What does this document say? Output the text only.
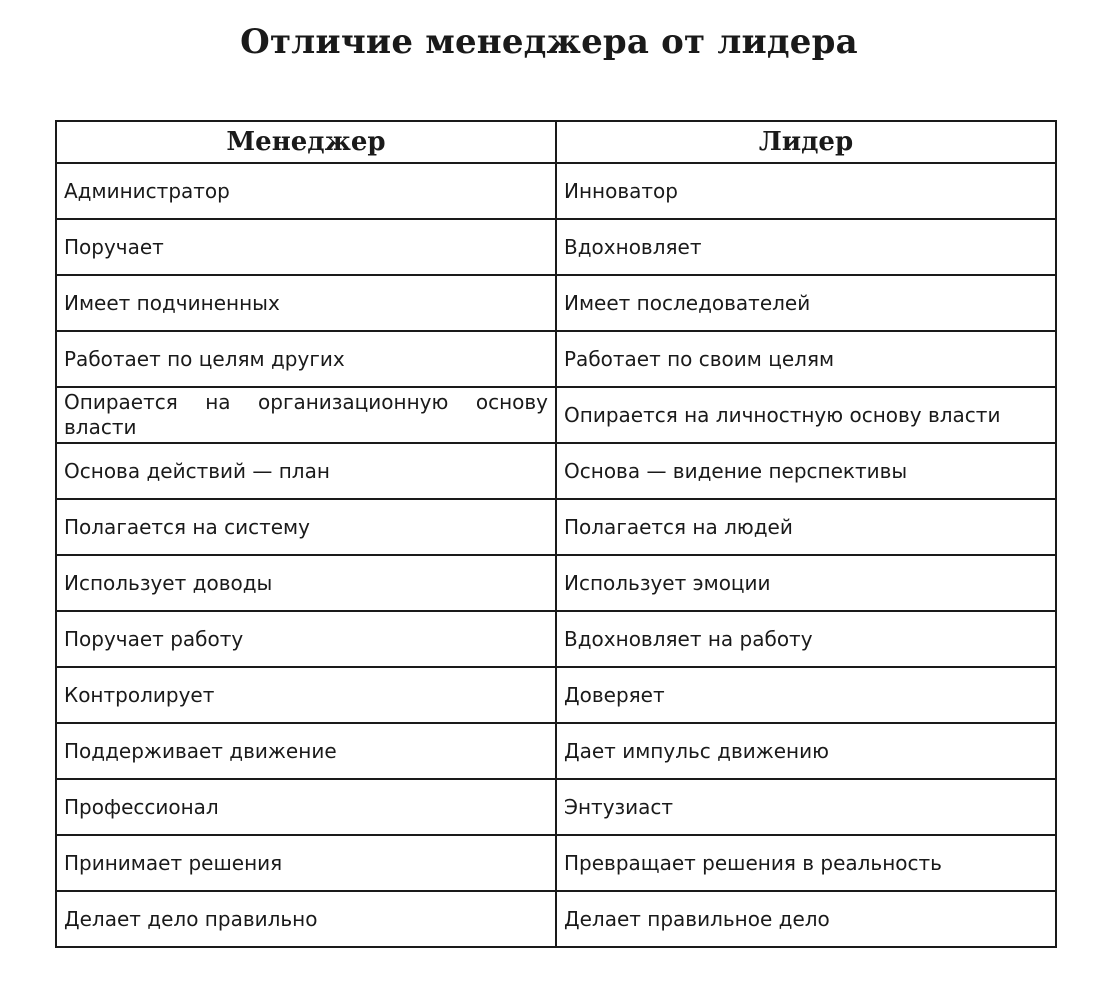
Отличие менеджера от лидера
Менеджер	Лидер
Администратор	Инноватор
Поручает	Вдохновляет
Имеет подчиненных	Имеет последователей
Работает по целям других	Работает по своим целям
Опирается на организационную основу власти	Опирается на личностную основу власти
Основа действий — план	Основа — видение перспективы
Полагается на систему	Полагается на людей
Использует доводы	Использует эмоции
Поручает работу	Вдохновляет на работу
Контролирует	Доверяет
Поддерживает движение	Дает импульс движению
Профессионал	Энтузиаст
Принимает решения	Превращает решения в реальность
Делает дело правильно	Делает правильное дело
